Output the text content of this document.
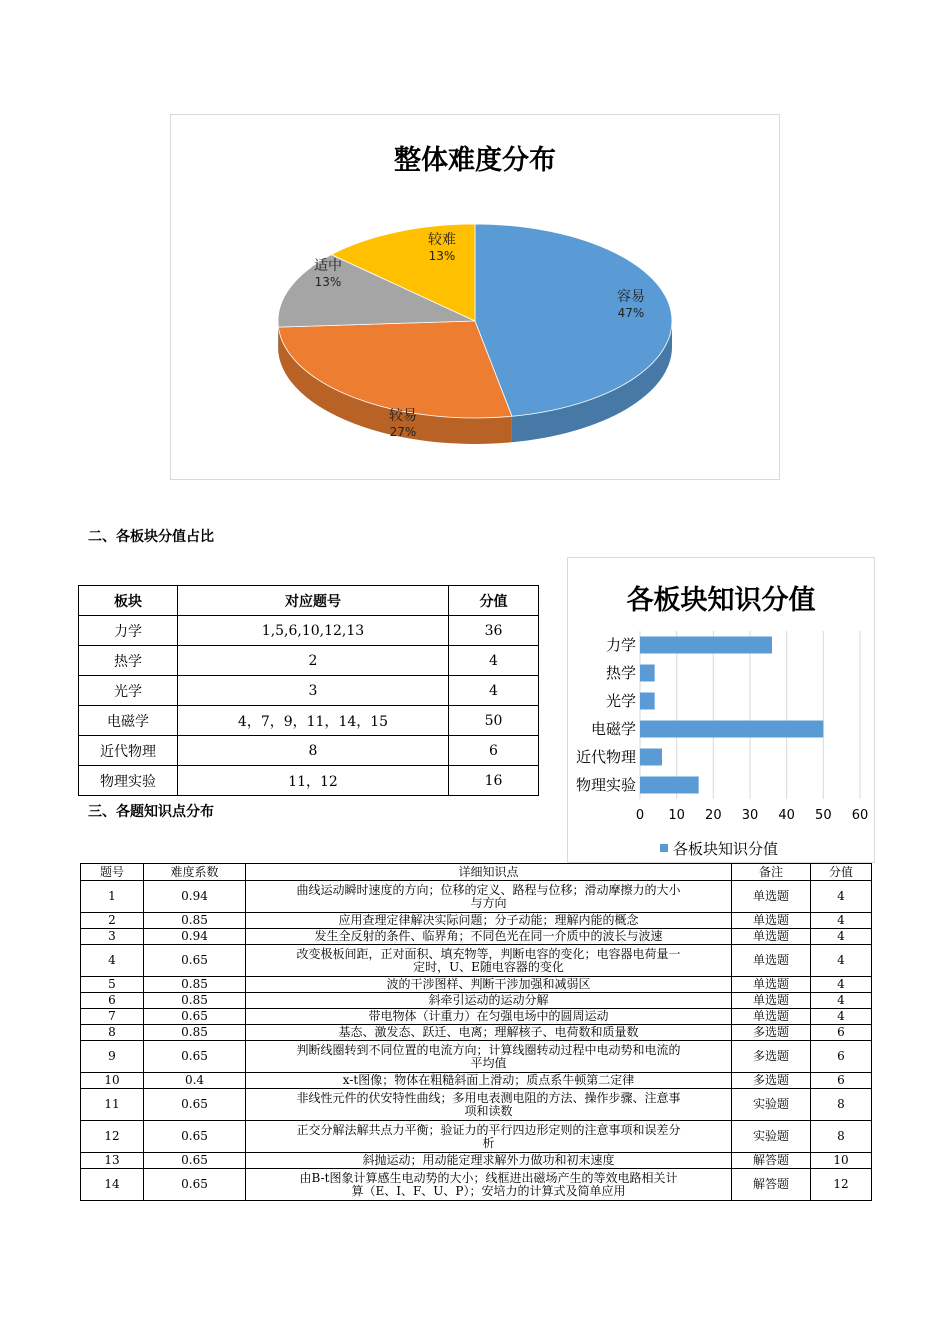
整体难度分布
容易
47%
较易
27%
适中
13%
较难
13%
二、各板块分值占比
板块	对应题号	分值
力学	1,5,6,10,12,13	36
热学	2	4
光学	3	4
电磁学	4，7，9，11，14，15	50
近代物理	8	6
物理实验	11，12	16
三、各题知识点分布
各板块知识分值
力学
热学
光学
电磁学
近代物理
物理实验
0 10 20 30 40 50 60
各板块知识分值
题号	难度系数	详细知识点	备注	分值
1	0.94	曲线运动瞬时速度的方向；位移的定义、路程与位移；滑动摩擦力的大小
与方向	单选题	4
2	0.85	应用查理定律解决实际问题；分子动能；理解内能的概念	单选题	4
3	0.94	发生全反射的条件、临界角；不同色光在同一介质中的波长与波速	单选题	4
4	0.65	改变极板间距，正对面积、填充物等，判断电容的变化；电容器电荷量一
定时，U、E随电容器的变化	单选题	4
5	0.85	波的干涉图样、判断干涉加强和减弱区	单选题	4
6	0.85	斜牵引运动的运动分解	单选题	4
7	0.65	带电物体（计重力）在匀强电场中的圆周运动	单选题	4
8	0.85	基态、激发态、跃迁、电离；理解核子、电荷数和质量数	多选题	6
9	0.65	判断线圈转到不同位置的电流方向；计算线圈转动过程中电动势和电流的
平均值	多选题	6
10	0.4	x-t图像；物体在粗糙斜面上滑动；质点系牛顿第二定律	多选题	6
11	0.65	非线性元件的伏安特性曲线；多用电表测电阻的方法、操作步骤、注意事
项和读数	实验题	8
12	0.65	正交分解法解共点力平衡；验证力的平行四边形定则的注意事项和误差分
析	实验题	8
13	0.65	斜抛运动；用动能定理求解外力做功和初末速度	解答题	10
14	0.65	由B-t图象计算感生电动势的大小；线框进出磁场产生的等效电路相关计
算（E、I、F、U、P）；安培力的计算式及简单应用	解答题	12
